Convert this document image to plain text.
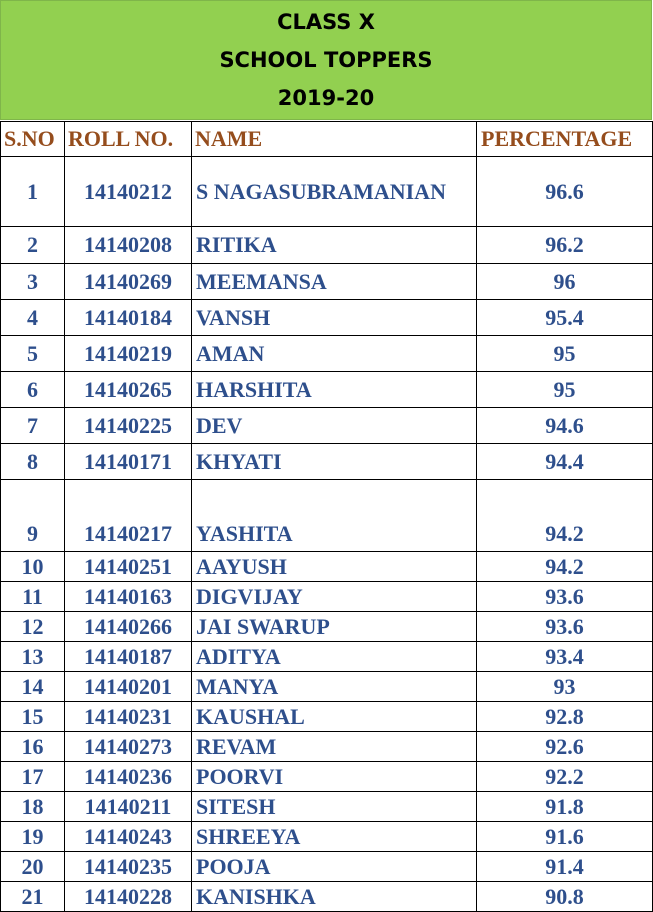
CLASS X
SCHOOL TOPPERS
2019-20
S.NO	ROLL NO.	NAME	PERCENTAGE
1	14140212	S NAGASUBRAMANIAN	96.6
2	14140208	RITIKA	96.2
3	14140269	MEEMANSA	96
4	14140184	VANSH	95.4
5	14140219	AMAN	95
6	14140265	HARSHITA	95
7	14140225	DEV	94.6
8	14140171	KHYATI	94.4
9	14140217	YASHITA	94.2
10	14140251	AAYUSH	94.2
11	14140163	DIGVIJAY	93.6
12	14140266	JAI SWARUP	93.6
13	14140187	ADITYA	93.4
14	14140201	MANYA	93
15	14140231	KAUSHAL	92.8
16	14140273	REVAM	92.6
17	14140236	POORVI	92.2
18	14140211	SITESH	91.8
19	14140243	SHREEYA	91.6
20	14140235	POOJA	91.4
21	14140228	KANISHKA	90.8
